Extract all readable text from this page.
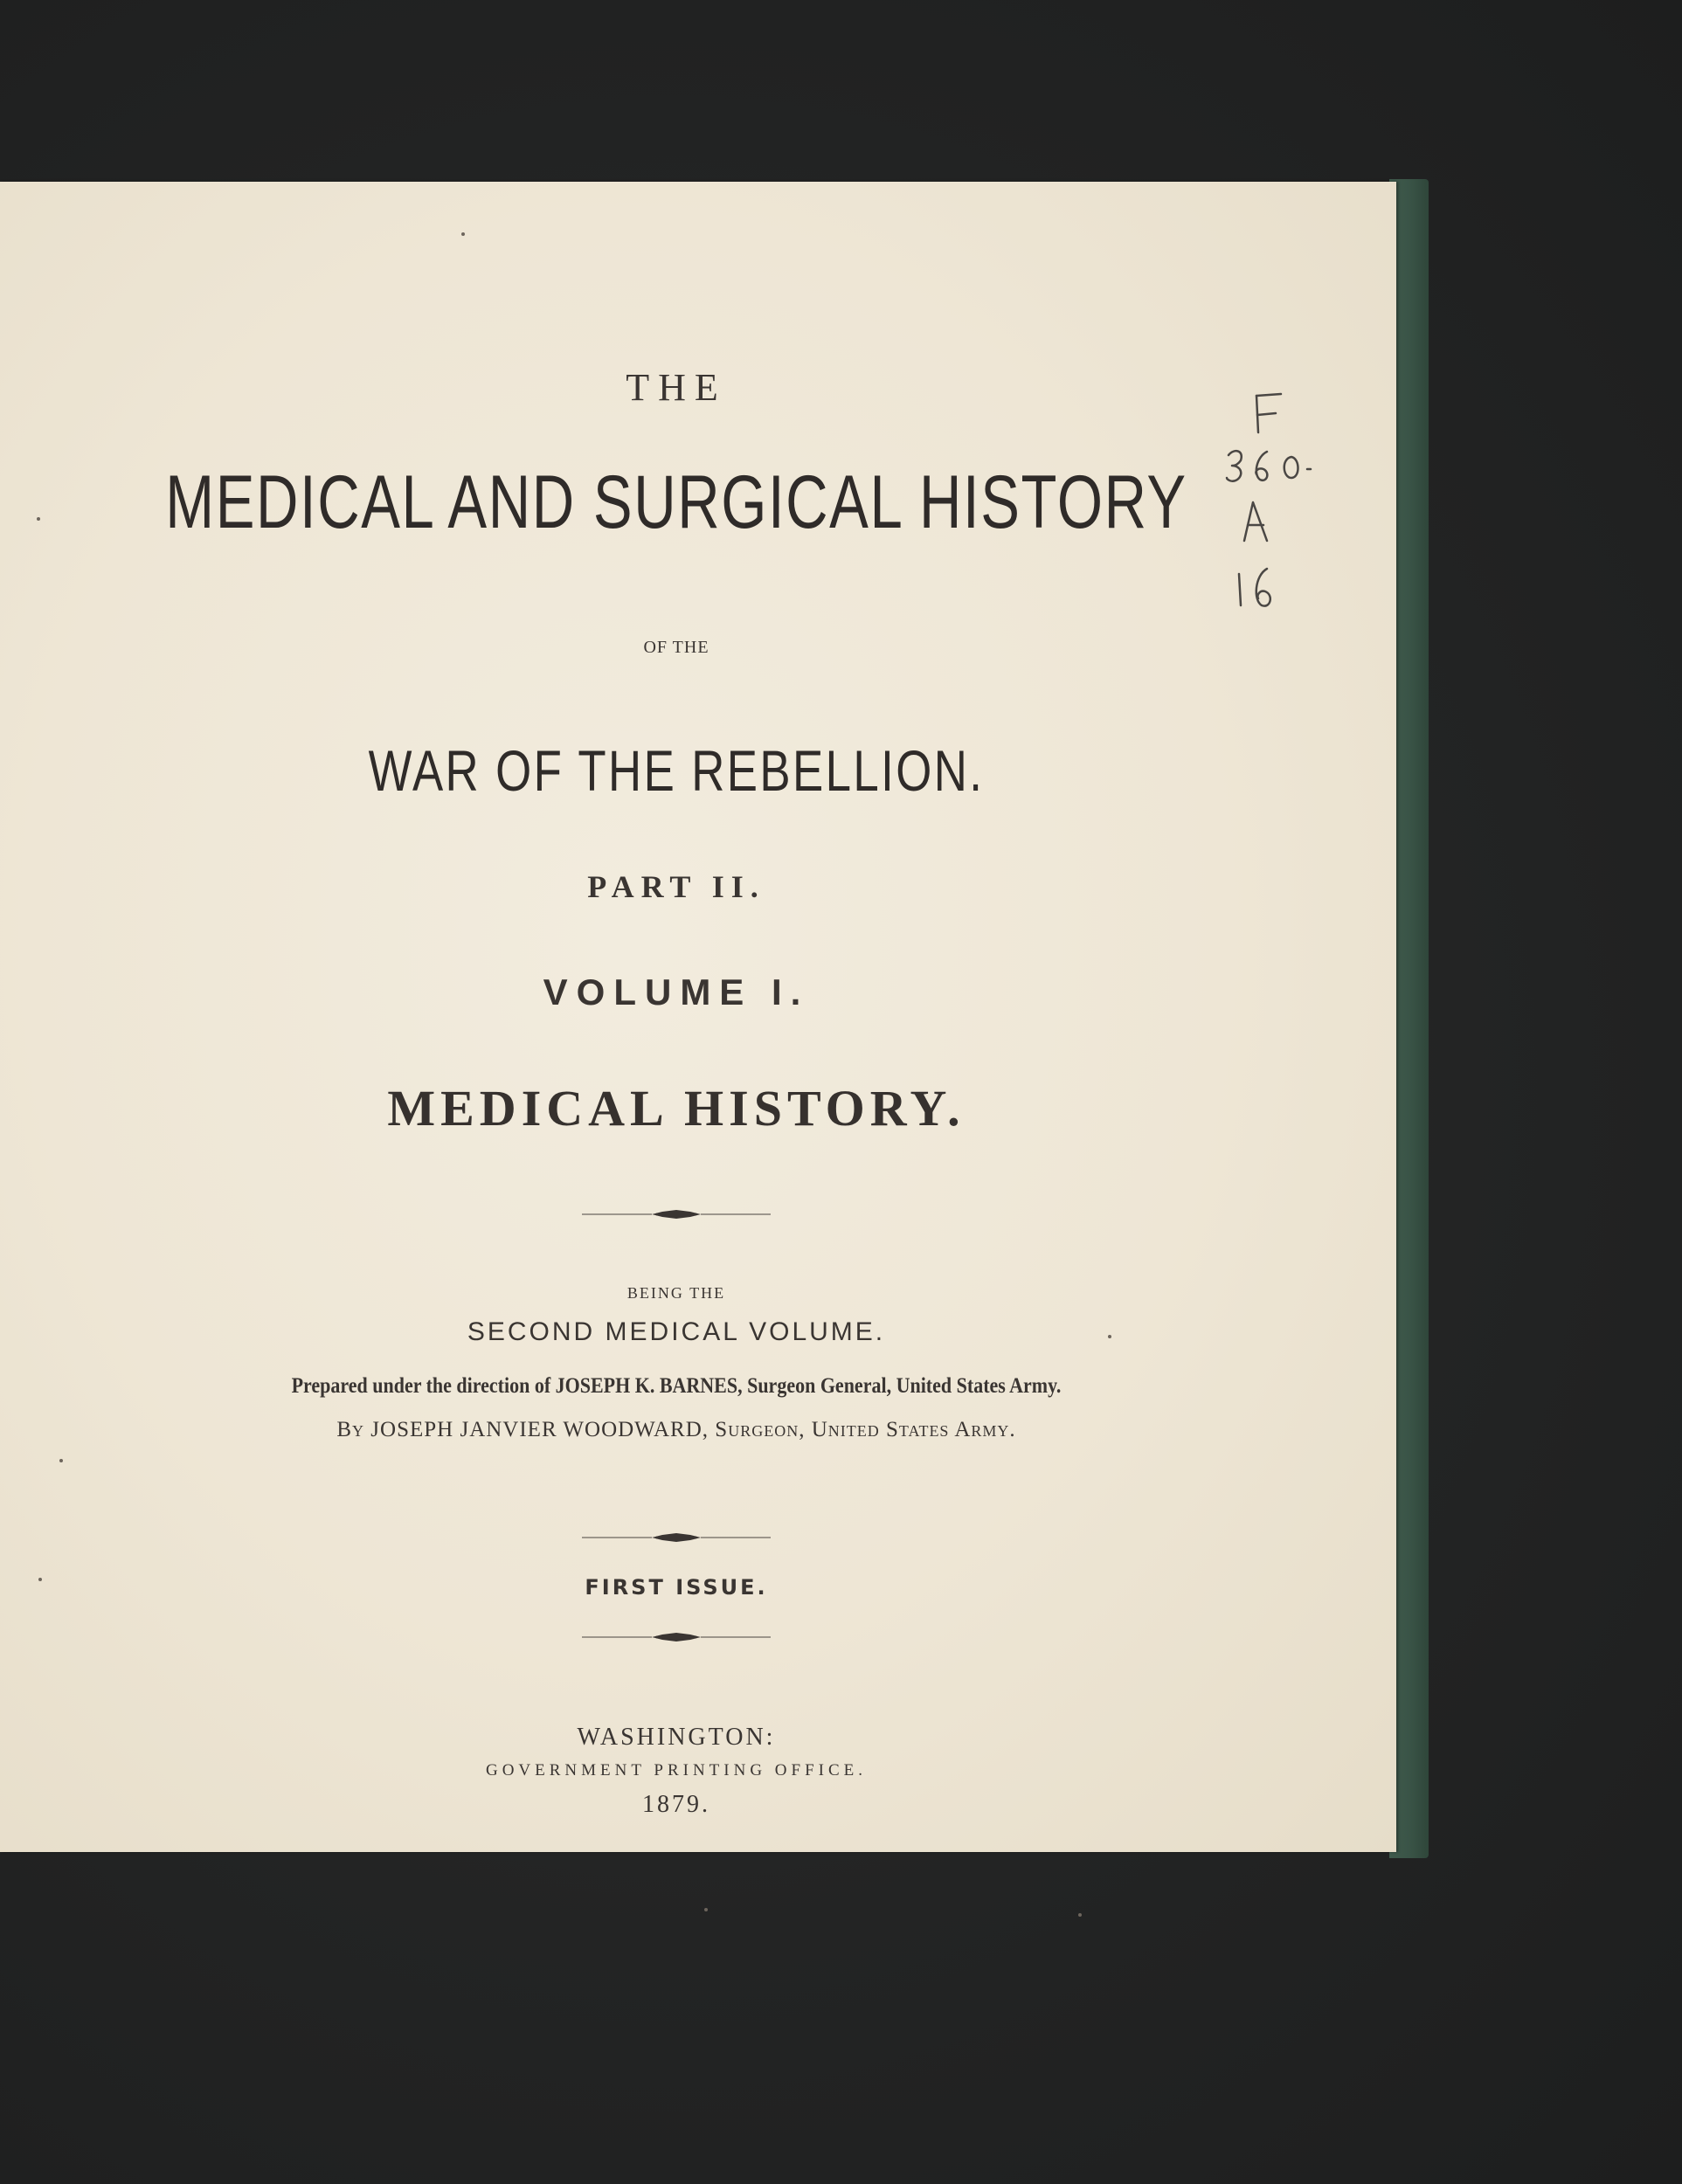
THE
MEDICAL AND SURGICAL HISTORY
OF THE
WAR OF THE REBELLION.
PART II.
VOLUME I.
MEDICAL HISTORY.
BEING THE
SECOND MEDICAL VOLUME.
Prepared under the direction of JOSEPH K. BARNES, Surgeon General, United States Army.
By JOSEPH JANVIER WOODWARD, Surgeon, United States Army.
FIRST ISSUE.
WASHINGTON:
GOVERNMENT PRINTING OFFICE.
1879.
